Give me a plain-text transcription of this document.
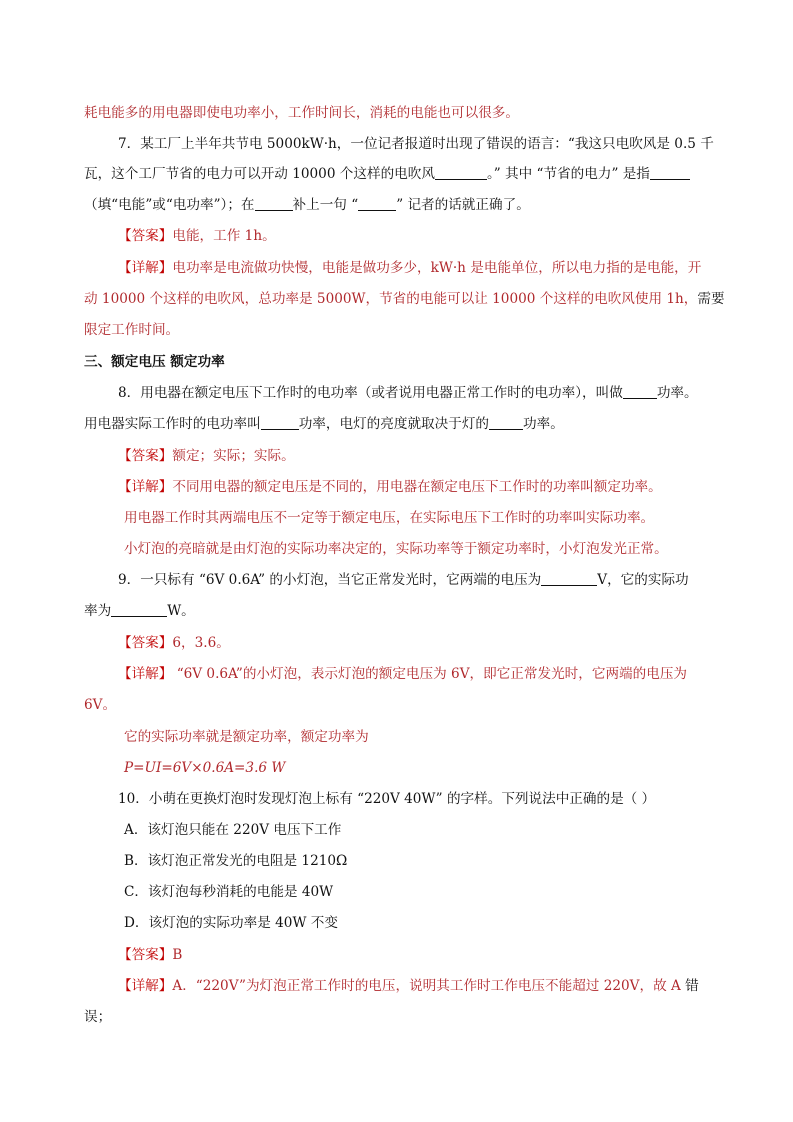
耗电能多的用电器即使电功率小，工作时间长，消耗的电能也可以很多。
7．某工厂上半年共节电 5000kW·h，一位记者报道时出现了错误的语言：“我这只电吹风是 0.5 千
瓦，这个工厂节省的电力可以开动 10000 个这样的电吹风	。” 其中 “节省的电力” 是指
（填“电能”或“电功率”）；在	补上一句 “	” 记者的话就正确了。
【答案】电能，工作 1h。
【详解】电功率是电流做功快慢，电能是做功多少，kW·h 是电能单位，所以电力指的是电能，开
动 10000 个这样的电吹风，总功率是 5000W，节省的电能可以让 10000 个这样的电吹风使用 1h，需要
限定工作时间。
三、额定电压 额定功率
8．用电器在额定电压下工作时的电功率（或者说用电器正常工作时的电功率），叫做	功率。
用电器实际工作时的电功率叫	功率，电灯的亮度就取决于灯的	功率。
【答案】额定；实际；实际。
【详解】不同用电器的额定电压是不同的，用电器在额定电压下工作时的功率叫额定功率。
用电器工作时其两端电压不一定等于额定电压，在实际电压下工作时的功率叫实际功率。
小灯泡的亮暗就是由灯泡的实际功率决定的，实际功率等于额定功率时，小灯泡发光正常。
9．一只标有 “6V 0.6A” 的小灯泡，当它正常发光时，它两端的电压为	V，它的实际功
率为	W。
【答案】6，3.6。
【详解】 “6V 0.6A”的小灯泡，表示灯泡的额定电压为 6V，即它正常发光时，它两端的电压为
6V。
它的实际功率就是额定功率，额定功率为
P=UI=6V×0.6A=3.6 W
10．小萌在更换灯泡时发现灯泡上标有 “220V 40W” 的字样。下列说法中正确的是（ ）
A．该灯泡只能在 220V 电压下工作
B．该灯泡正常发光的电阻是 1210Ω
C．该灯泡每秒消耗的电能是 40W
D．该灯泡的实际功率是 40W 不变
【答案】B
【详解】A．“220V”为灯泡正常工作时的电压，说明其工作时工作电压不能超过 220V，故 A 错
误；
